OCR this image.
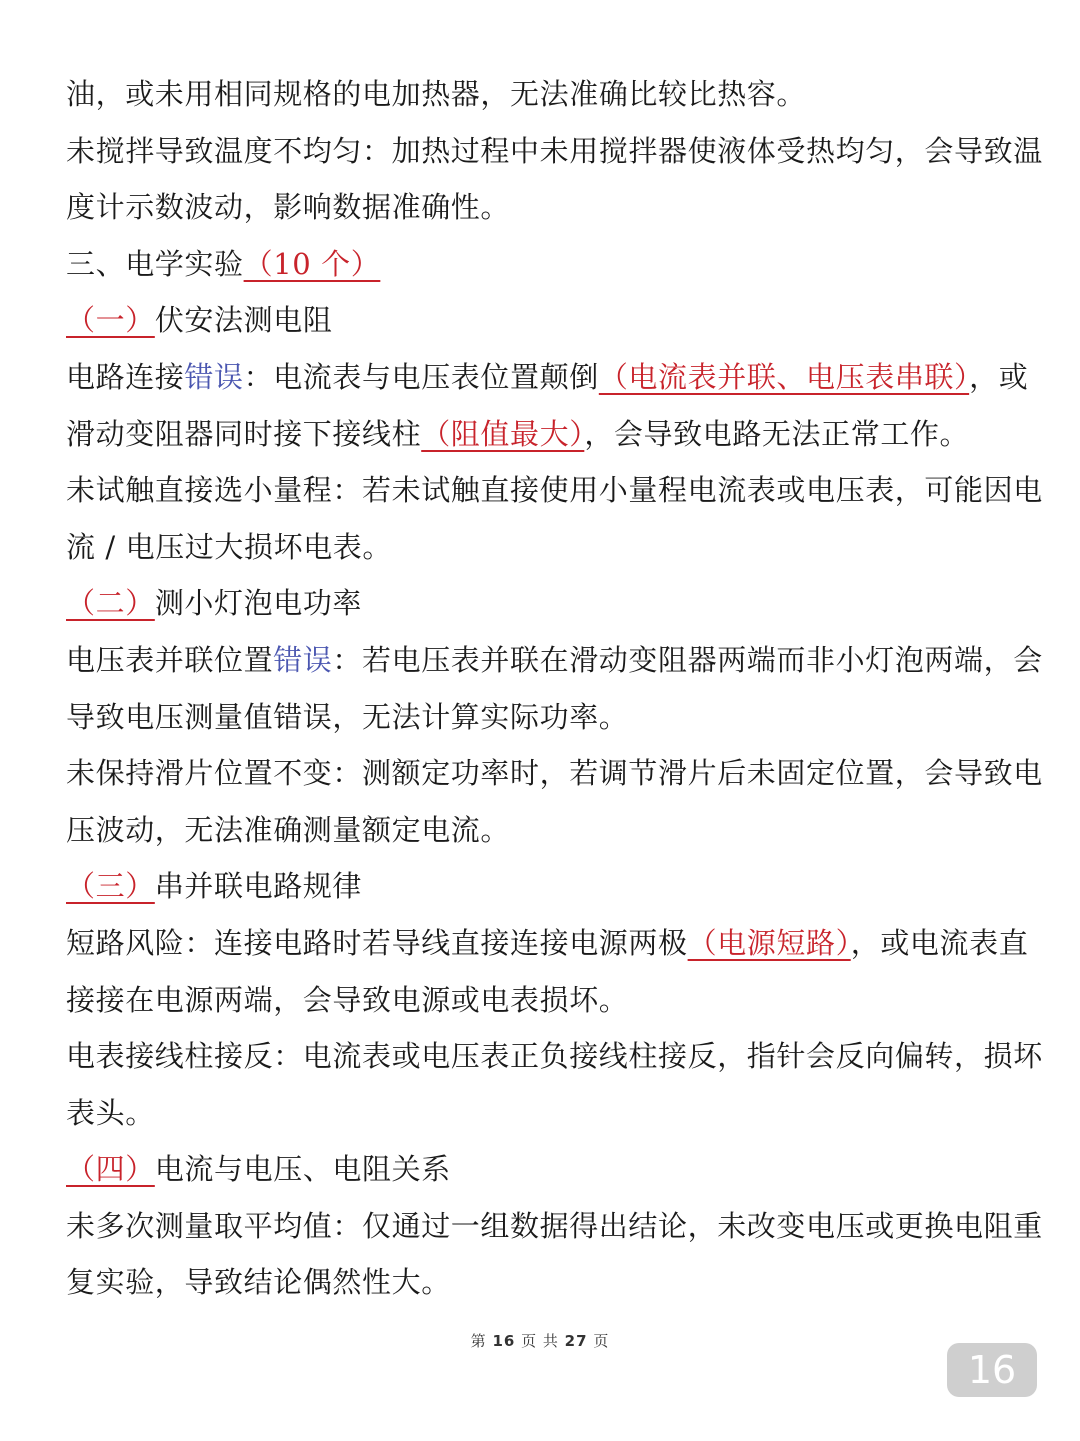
油，或未用相同规格的电加热器，无法准确比较比热容。
未搅拌导致温度不均匀：加热过程中未用搅拌器使液体受热均匀，会导致温
度计示数波动，影响数据准确性。
三、电学实验（10 个）
（一）伏安法测电阻
电路连接错误：电流表与电压表位置颠倒（电流表并联、电压表串联），或
滑动变阻器同时接下接线柱（阻值最大），会导致电路无法正常工作。
未试触直接选小量程：若未试触直接使用小量程电流表或电压表，可能因电
流 / 电压过大损坏电表。
（二）测小灯泡电功率
电压表并联位置错误：若电压表并联在滑动变阻器两端而非小灯泡两端，会
导致电压测量值错误，无法计算实际功率。
未保持滑片位置不变：测额定功率时，若调节滑片后未固定位置，会导致电
压波动，无法准确测量额定电流。
（三）串并联电路规律
短路风险：连接电路时若导线直接连接电源两极（电源短路），或电流表直
接接在电源两端，会导致电源或电表损坏。
电表接线柱接反：电流表或电压表正负接线柱接反，指针会反向偏转，损坏
表头。
（四）电流与电压、电阻关系
未多次测量取平均值：仅通过一组数据得出结论，未改变电压或更换电阻重
复实验，导致结论偶然性大。
第 16 页 共 27 页
16
